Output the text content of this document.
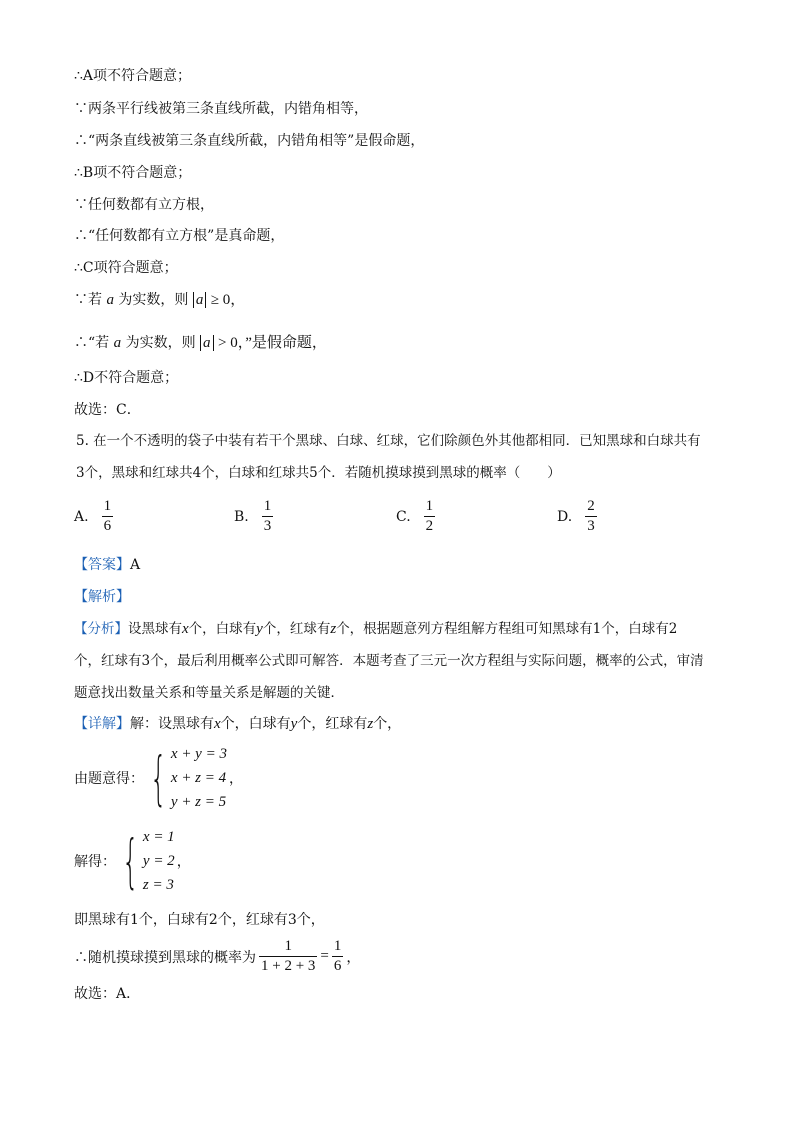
∴A项不符合题意；
∵两条平行线被第三条直线所截，内错角相等，
∴“两条直线被第三条直线所截，内错角相等”是假命题，
∴B项不符合题意；
∵任何数都有立方根，
∴“任何数都有立方根”是真命题，
∴C项符合题意；
∵若 a 为实数，则 a ≥ 0，
∴“若 a 为实数，则 a > 0，”是假命题，
∴D不符合题意；
故选：C．
5. 在一个不透明的袋子中装有若干个黑球、白球、红球，它们除颜色外其他都相同．已知黑球和白球共有
3个，黑球和红球共4个，白球和红球共5个．若随机摸球摸到黑球的概率（　　）
A. $\frac{1}{6}$	B. $\frac{1}{3}$	C. $\frac{1}{2}$	D. $\frac{2}{3}$
【答案】A
【解析】
【分析】设黑球有x个，白球有y个，红球有z个，根据题意列方程组解方程组可知黑球有1个，白球有2
个，红球有3个，最后利用概率公式即可解答．本题考查了三元一次方程组与实际问题，概率的公式，审清
题意找出数量关系和等量关系是解题的关键．
【详解】解：设黑球有x个，白球有y个，红球有z个，
由题意得： { x + y = 3
x + z = 4
y + z = 5
，
解得： { x = 1
y = 2
z = 3
，
即黑球有1个，白球有2个，红球有3个，
∴随机摸球摸到黑球的概率为 $\frac{1}{1 + 2 + 3} = \frac{1}{6}$ ，
故选：A．
